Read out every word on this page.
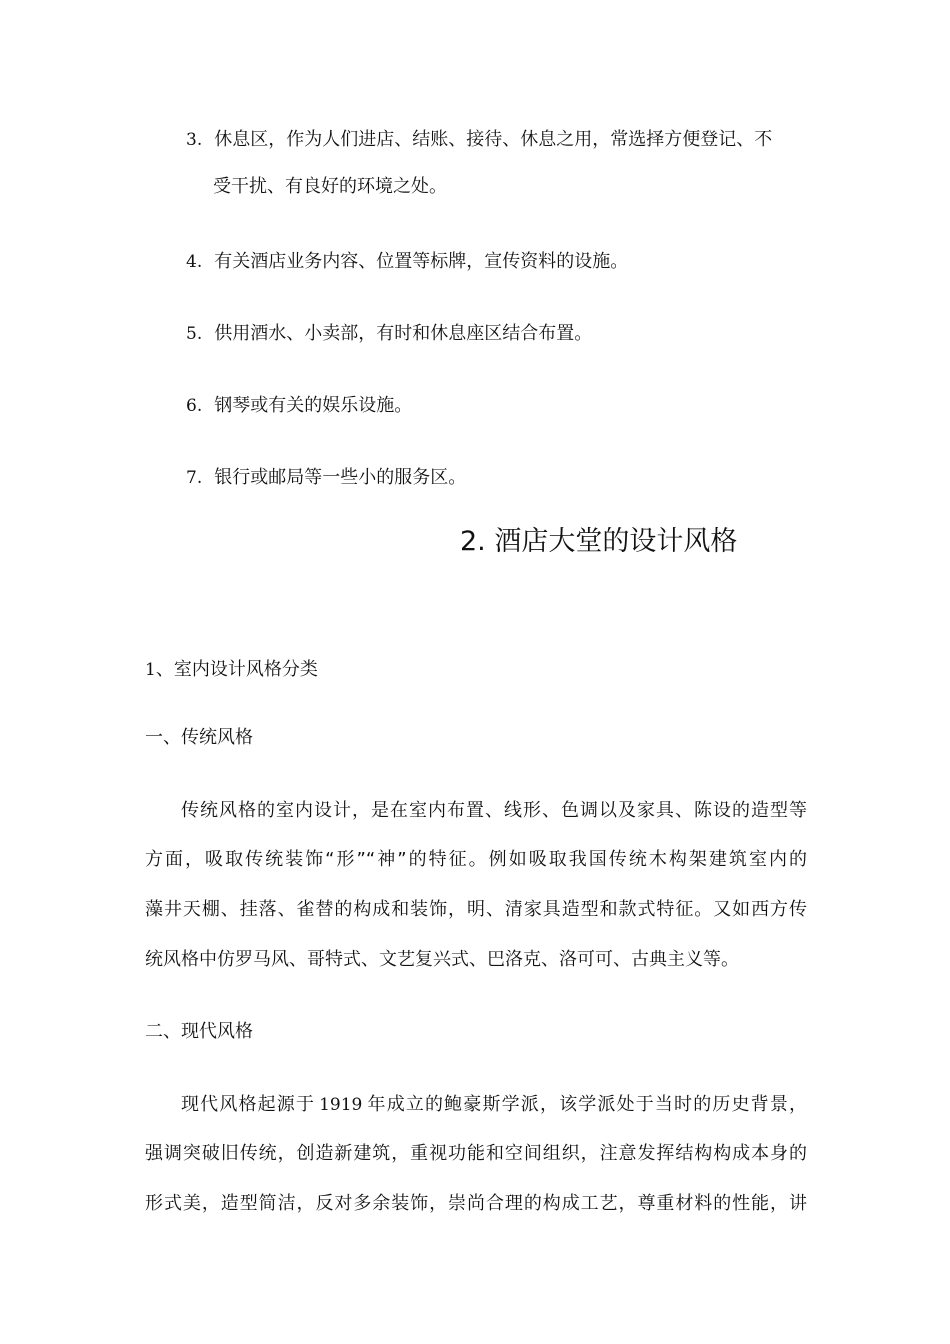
3. 休息区，作为人们进店、结账、接待、休息之用，常选择方便登记、不
受干扰、有良好的环境之处。
4. 有关酒店业务内容、位置等标牌，宣传资料的设施。
5. 供用酒水、小卖部，有时和休息座区结合布置。
6. 钢琴或有关的娱乐设施。
7. 银行或邮局等一些小的服务区。
2. 酒店大堂的设计风格
1、室内设计风格分类
一、传统风格
传统风格的室内设计，是在室内布置、线形、色调以及家具、陈设的造型等
方面，吸取传统装饰“形”“神”的特征。例如吸取我国传统木构架建筑室内的
藻井天棚、挂落、雀替的构成和装饰，明、清家具造型和款式特征。又如西方传
统风格中仿罗马风、哥特式、文艺复兴式、巴洛克、洛可可、古典主义等。
二、现代风格
现代风格起源于 1919 年成立的鲍豪斯学派，该学派处于当时的历史背景，
强调突破旧传统，创造新建筑，重视功能和空间组织，注意发挥结构构成本身的
形式美，造型简洁，反对多余装饰，崇尚合理的构成工艺，尊重材料的性能，讲
